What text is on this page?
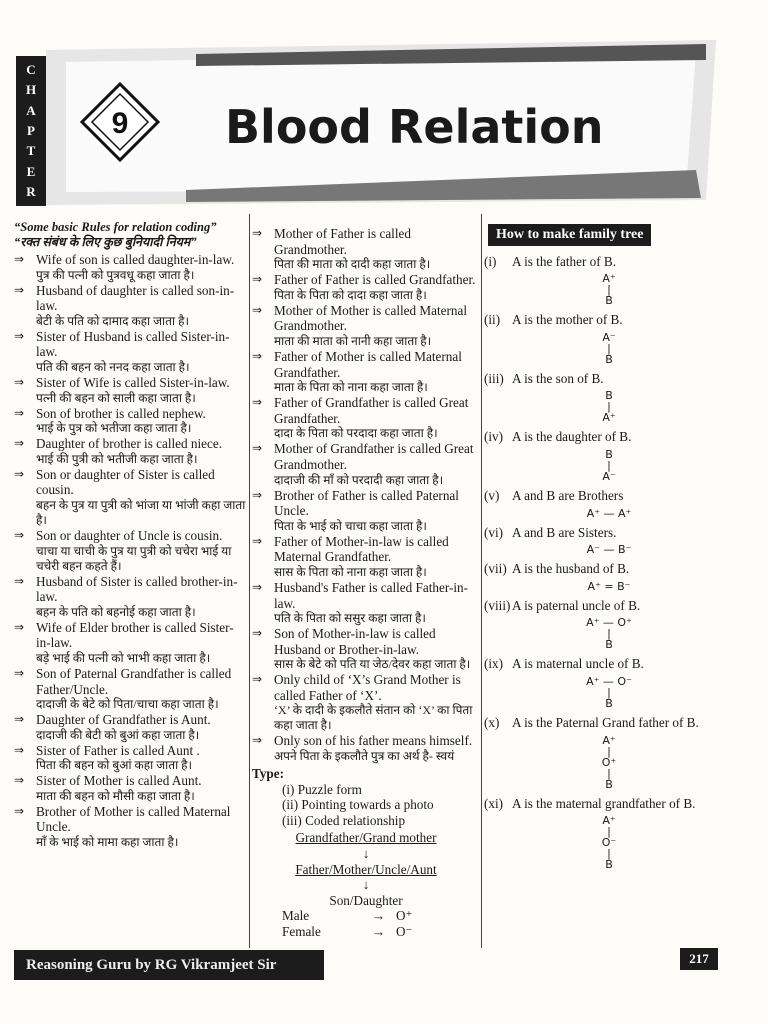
C
H
A
P
T
E
R
9 Blood Relation
“Some basic Rules for relation coding”
“रक्त संबंध के लिए कुछ बुनियादी नियम”
⇒ Wife of son is called daughter-in-law.
पुत्र की पत्नी को पुत्रवधू कहा जाता है।
⇒ Husband of daughter is called son-in-law.
बेटी के पति को दामाद कहा जाता है।
⇒ Sister of Husband is called Sister-in-law.
पति की बहन को ननद कहा जाता है।
⇒ Sister of Wife is called Sister-in-law.
पत्नी की बहन को साली कहा जाता है।
⇒ Son of brother is called nephew.
भाई के पुत्र को भतीजा कहा जाता है।
⇒ Daughter of brother is called niece.
भाई की पुत्री को भतीजी कहा जाता है।
⇒ Son or daughter of Sister is called cousin.
बहन के पुत्र या पुत्री को भांजा या भांजी कहा जाता है।
⇒ Son or daughter of Uncle is cousin.
चाचा या चाची के पुत्र या पुत्री को चचेरा भाई या चचेरी बहन कहते हैं।
⇒ Husband of Sister is called brother-in-law.
बहन के पति को बहनोई कहा जाता है।
⇒ Wife of Elder brother is called Sister-in-law.
बड़े भाई की पत्नी को भाभी कहा जाता है।
⇒ Son of Paternal Grandfather is called Father/Uncle.
दादाजी के बेटे को पिता/चाचा कहा जाता है।
⇒ Daughter of Grandfather is Aunt.
दादाजी की बेटी को बुआं कहा जाता है।
⇒ Sister of Father is called Aunt .
पिता की बहन को बुआं कहा जाता है।
⇒ Sister of Mother is called Aunt.
माता की बहन को मौसी कहा जाता है।
⇒ Brother of Mother is called Maternal Uncle.
माँ के भाई को मामा कहा जाता है।
⇒ Mother of Father is called Grandmother.
पिता की माता को दादी कहा जाता है।
⇒ Father of Father is called Grandfather.
पिता के पिता को दादा कहा जाता है।
⇒ Mother of Mother is called Maternal Grandmother.
माता की माता को नानी कहा जाता है।
⇒ Father of Mother is called Maternal Grandfather.
माता के पिता को नाना कहा जाता है।
⇒ Father of Grandfather is called Great Grandfather.
दादा के पिता को परदादा कहा जाता है।
⇒ Mother of Grandfather is called Great Grandmother.
दादाजी की माँ को परदादी कहा जाता है।
⇒ Brother of Father is called Paternal Uncle.
पिता के भाई को चाचा कहा जाता है।
⇒ Father of Mother-in-law is called Maternal Grandfather.
सास के पिता को नाना कहा जाता है।
⇒ Husband's Father is called Father-in-law.
पति के पिता को ससुर कहा जाता है।
⇒ Son of Mother-in-law is called Husband or Brother-in-law.
सास के बेटे को पति या जेठ/देवर कहा जाता है।
⇒ Only child of ‘X’s Grand Mother is called Father of ‘X’.
‘X’ के दादी के इकलौते संतान को ‘X’ का पिता कहा जाता है।
⇒ Only son of his father means himself.
अपने पिता के इकलौते पुत्र का अर्थ है- स्वयं
Type:
(i) Puzzle form
(ii) Pointing towards a photo
(iii) Coded relationship
Grandfather/Grand mother
↓
Father/Mother/Uncle/Aunt
↓
Son/Daughter
Male	→ O⁺
Female	→ O⁻
How to make family tree
(i) A is the father of B.
A⁺
|
B
(ii) A is the mother of B.
A⁻
|
B
(iii) A is the son of B.
B
|
A⁺
(iv) A is the daughter of B.
B
|
A⁻
(v) A and B are Brothers
A⁺ — A⁺
(vi) A and B are Sisters.
A⁻ — B⁻
(vii) A is the husband of B.
A⁺ = B⁻
(viii) A is paternal uncle of B.
A⁺ — O⁺
|
B
(ix) A is maternal uncle of B.
A⁺ — O⁻
|
B
(x) A is the Paternal Grand father of B.
A⁺
|
O⁺
|
B
(xi) A is the maternal grandfather of B.
A⁺
|
O⁻
|
B
Reasoning Guru by RG Vikramjeet Sir	217
